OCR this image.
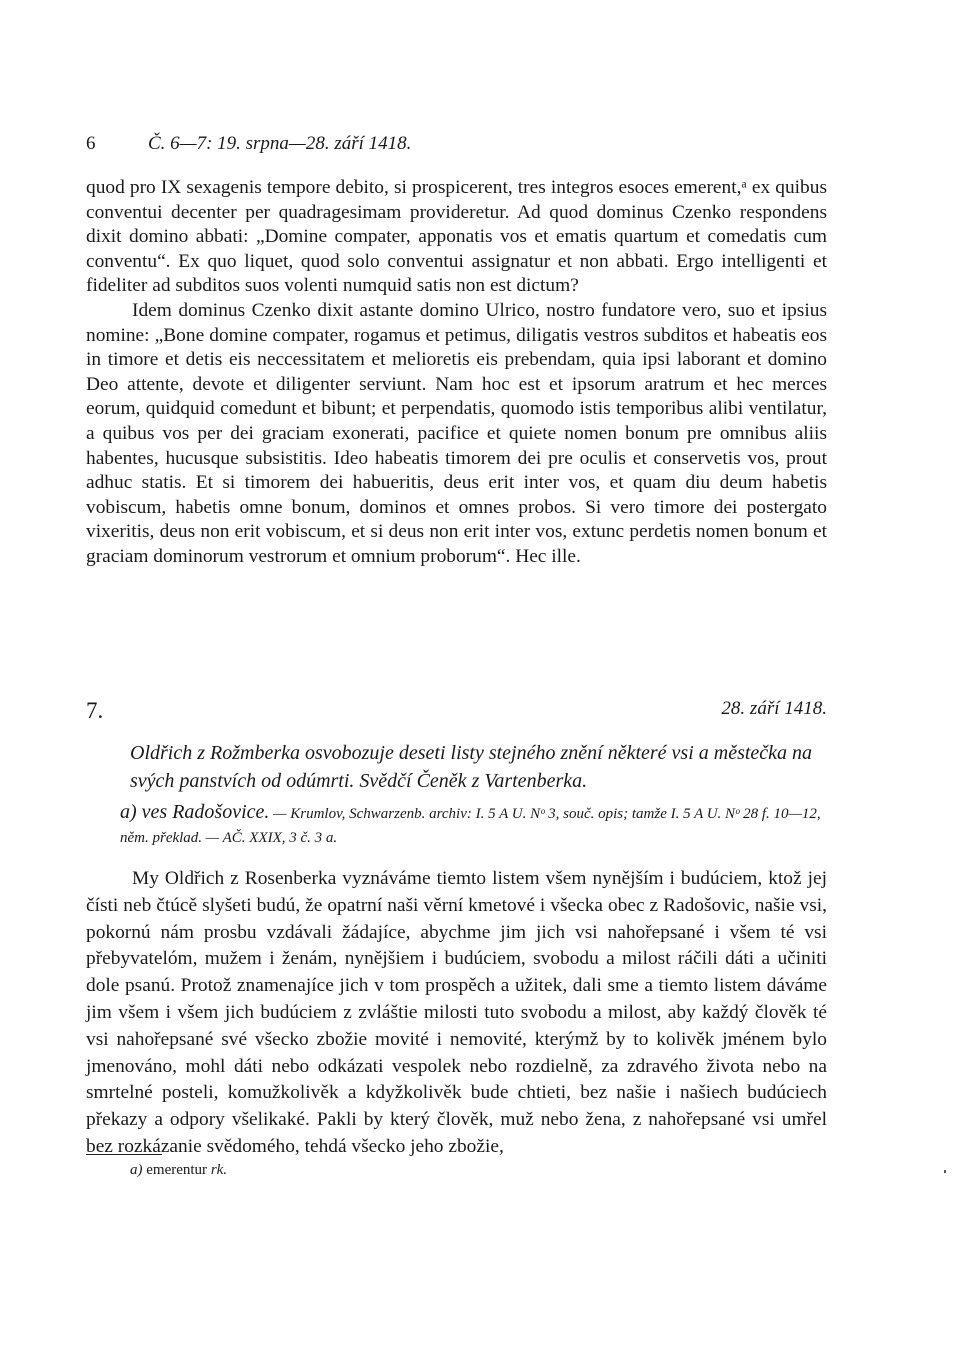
6	Č. 6—7: 19. srpna—28. září 1418.

quod pro IX sexagenis tempore debito, si prospicerent, tres integros esoces emerent,ᵃ ex quibus conventui decenter per quadragesimam provideretur. Ad quod dominus Czenko respondens dixit domino abbati: „Domine compater, apponatis vos et ematis quartum et comedatis cum conventu“. Ex quo liquet, quod solo conventui assignatur et non abbati. Ergo intelligenti et fideliter ad subditos suos volenti numquid satis non est dictum?

Idem dominus Czenko dixit astante domino Ulrico, nostro fundatore vero, suo et ipsius nomine: „Bone domine compater, rogamus et petimus, diligatis vestros subditos et habeatis eos in timore et detis eis neccessitatem et melioretis eis prebendam, quia ipsi laborant et domino Deo attente, devote et diligenter serviunt. Nam hoc est et ipsorum aratrum et hec merces eorum, quidquid comedunt et bibunt; et perpendatis, quomodo istis temporibus alibi ventilatur, a quibus vos per dei graciam exonerati, pacifice et quiete nomen bonum pre omnibus aliis habentes, hucusque subsistitis. Ideo habeatis timorem dei pre oculis et conservetis vos, prout adhuc statis. Et si timorem dei habueritis, deus erit inter vos, et quam diu deum habetis vobiscum, habetis omne bonum, dominos et omnes probos. Si vero timore dei postergato vixeritis, deus non erit vobiscum, et si deus non erit inter vos, extunc perdetis nomen bonum et graciam dominorum vestrorum et omnium proborum“. Hec ille.

7.	28. září 1418.
Oldřich z Rožmberka osvobozuje deseti listy stejného znění některé vsi a městečka na svých panstvích od odúmrti. Svědčí Čeněk z Vartenberka.
a) ves Radošovice. — Krumlov, Schwarzenb. archiv: I. 5 A U. Nᵒ 3, souč. opis; tamže I. 5 A U. Nᵒ 28 f. 10—12, něm. překlad. — AČ. XXIX, 3 č. 3 a.

My Oldřich z Rosenberka vyznáváme tiemto listem všem nynějším i budúciem, ktož jej čísti neb čtúcě slyšeti budú, že opatrní naši věrní kmetové i všecka obec z Radošovic, našie vsi, pokornú nám prosbu vzdávali žádajíce, abychme jim jich vsi nahořepsané i všem té vsi přebyvatelóm, mužem i ženám, nynějšiem i budúciem, svobodu a milost ráčili dáti a učiniti dole psanú. Protož znamenajíce jich v tom prospěch a užitek, dali sme a tiemto listem dáváme jim všem i všem jich budúciem z zvláštie milosti tuto svobodu a milost, aby každý člověk té vsi nahořepsané své všecko zbožie movité i nemovité, kterýmž by to kolivěk jménem bylo jmenováno, mohl dáti nebo odkázati vespolek nebo rozdielně, za zdravého života nebo na smrtelné posteli, komužkolivěk a kdyžkolivěk bude chtieti, bez našie i našiech budúciech překazy a odpory všelikaké. Pakli by který člověk, muž nebo žena, z nahořepsané vsi umřel bez rozkázanie svědomého, tehdá všecko jeho zbožie,

a) emerentur rk.
